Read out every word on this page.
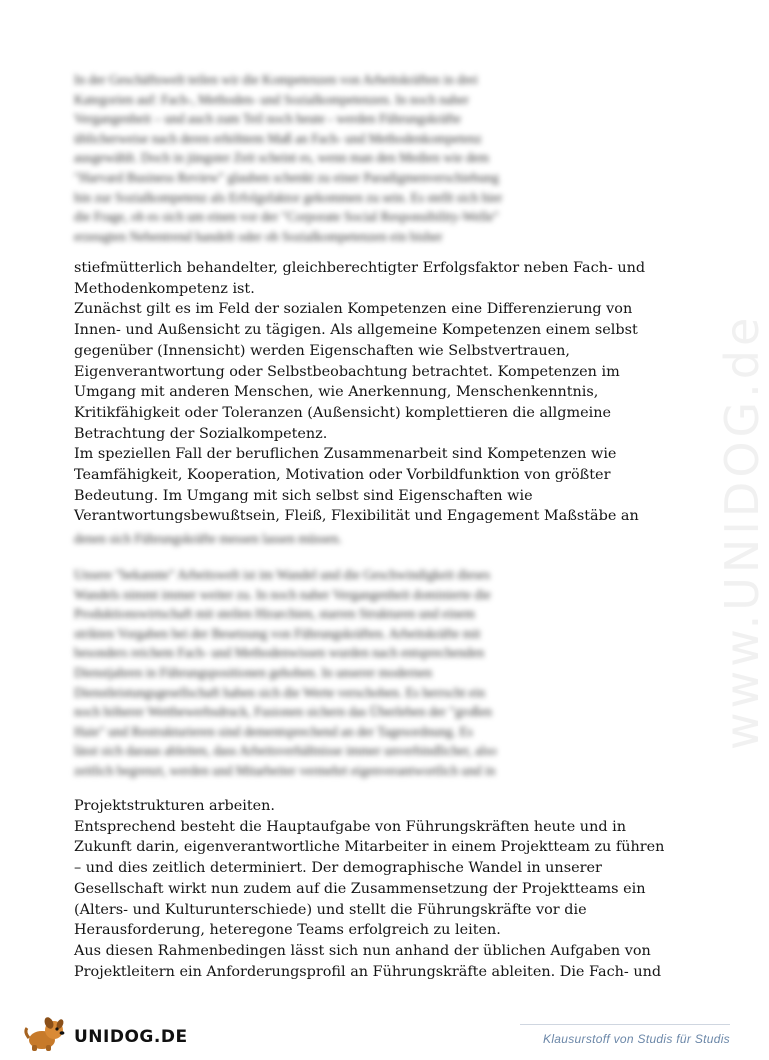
In der Geschäftswelt teilen wir die Kompetenzen von Arbeitskräften in drei

Kategorien auf: Fach-, Methoden- und Sozialkompetenzen. In noch naher

Vergangenheit – und auch zum Teil noch heute - werden Führungskräfte

üblicherweise nach deren erhöhtem Maß an Fach- und Methodenkompetenz

ausgewählt. Doch in jüngster Zeit scheint es, wenn man den Medien wie dem

"Harvard Business Review" glauben schenkt zu einer Paradigmenverschiebung

hin zur Sozialkompetenz als Erfolgsfaktor gekommen zu sein. Es stellt sich hier

die Frage, ob es sich um einen vor der "Corporate Social Responsibility-Welle"

erzeugten Nebentrend handelt oder ob Sozialkompetenzen ein bisher

stiefmütterlich behandelter, gleichberechtigter Erfolgsfaktor neben Fach- und

Methodenkompetenz ist.

Zunächst gilt es im Feld der sozialen Kompetenzen eine Differenzierung von

Innen- und Außensicht zu tägigen. Als allgemeine Kompetenzen einem selbst

gegenüber (Innensicht) werden Eigenschaften wie Selbstvertrauen,

Eigenverantwortung oder Selbstbeobachtung betrachtet. Kompetenzen im

Umgang mit anderen Menschen, wie Anerkennung, Menschenkenntnis,

Kritikfähigkeit oder Toleranzen (Außensicht) komplettieren die allgmeine

Betrachtung der Sozialkompetenz.

Im speziellen Fall der beruflichen Zusammenarbeit sind Kompetenzen wie

Teamfähigkeit, Kooperation, Motivation oder Vorbildfunktion von größter

Bedeutung. Im Umgang mit sich selbst sind Eigenschaften wie

Verantwortungsbewußtsein, Fleiß, Flexibilität und Engagement Maßstäbe an

denen sich Führungskräfte messen lassen müssen.

Unsere "bekannte" Arbeitswelt ist im Wandel und die Geschwindigkeit dieses

Wandels nimmt immer weiter zu. In noch naher Vergangenheit dominierte die

Produktionswirtschaft mit steilen Hirarchien, starren Strukturen und einem

strikten Vorgaben bei der Besetzung von Führungskräften. Arbeitskräfte mit

besonders reichem Fach- und Methodenwissen wurden nach entsprechenden

Dienstjahren in Führungspositionen gehoben. In unserer modernen

Dienstleistungsgesellschaft haben sich die Werte verschoben. Es herrscht ein

noch höherer Wettbewerbsdruck, Fusionen sichern das Überleben der "großen

Haie" und Restrukturieren sind dementsprechend an der Tagesordnung. Es

lässt sich daraus ableiten, dass Arbeitsverhältnisse immer unverbindlicher, also

zeitlich begrenzt, werden und Mitarbeiter vermehrt eigenverantwortlich und in

Projektstrukturen arbeiten.

Entsprechend besteht die Hauptaufgabe von Führungskräften heute und in

Zukunft darin, eigenverantwortliche Mitarbeiter in einem Projektteam zu führen

– und dies zeitlich determiniert. Der demographische Wandel in unserer

Gesellschaft wirkt nun zudem auf die Zusammensetzung der Projektteams ein

(Alters- und Kulturunterschiede) und stellt die Führungskräfte vor die

Herausforderung, heteregone Teams erfolgreich zu leiten.

Aus diesen Rahmenbedingen lässt sich nun anhand der üblichen Aufgaben von

Projektleitern ein Anforderungsprofil an Führungskräfte ableiten. Die Fach- und

www.UNIDOG.de
UNIDOG.DE	Klausurstoff von Studis für Studis
